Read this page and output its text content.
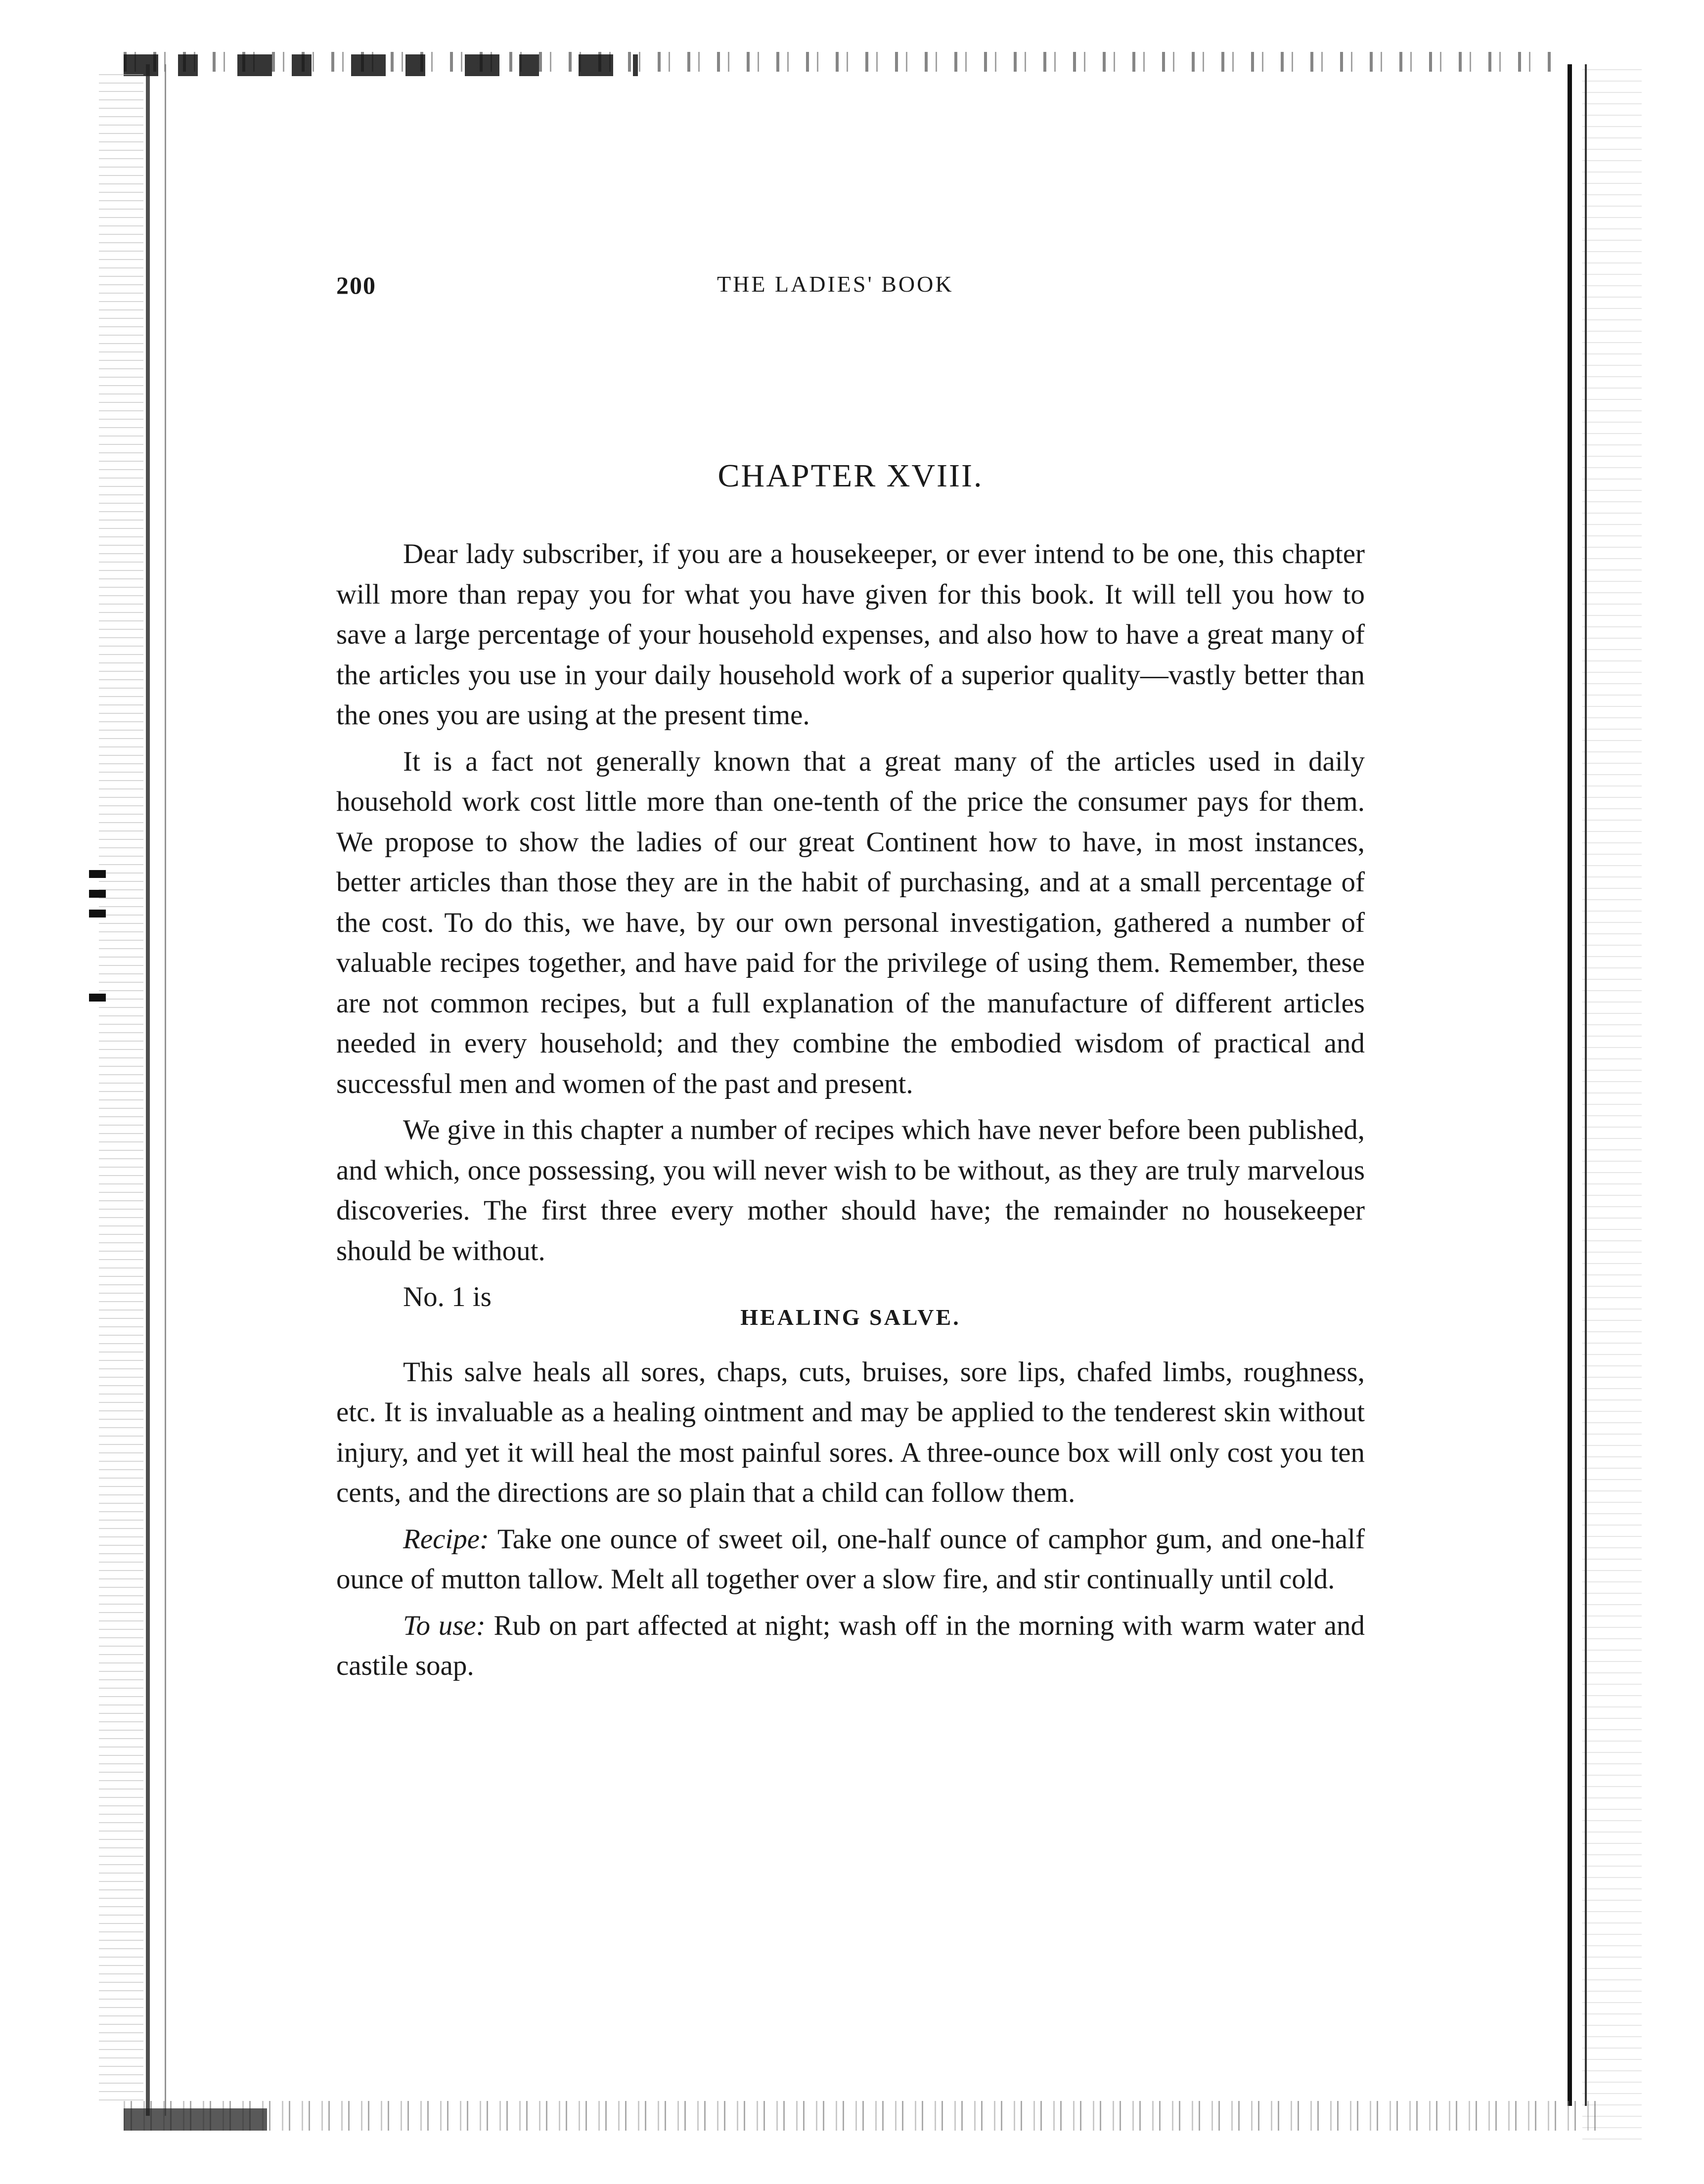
200	THE LADIES' BOOK
CHAPTER XVIII.

Dear lady subscriber, if you are a housekeeper, or ever intend to be one, this chapter will more than repay you for what you have given for this book. It will tell you how to save a large percentage of your household expenses, and also how to have a great many of the articles you use in your daily household work of a superior quality—vastly better than the ones you are using at the present time.

It is a fact not generally known that a great many of the articles used in daily household work cost little more than one-tenth of the price the consumer pays for them. We propose to show the ladies of our great Continent how to have, in most instances, better articles than those they are in the habit of purchasing, and at a small percentage of the cost. To do this, we have, by our own personal investigation, gathered a number of valuable recipes together, and have paid for the privilege of using them. Remember, these are not common recipes, but a full explanation of the manufacture of different articles needed in every household; and they combine the embodied wisdom of practical and successful men and women of the past and present.

We give in this chapter a number of recipes which have never before been published, and which, once possessing, you will never wish to be without, as they are truly marvelous discoveries. The first three every mother should have; the remainder no housekeeper should be without.

No. 1 is

HEALING SALVE.

This salve heals all sores, chaps, cuts, bruises, sore lips, chafed limbs, roughness, etc. It is invaluable as a healing ointment and may be applied to the tenderest skin without injury, and yet it will heal the most painful sores. A three-ounce box will only cost you ten cents, and the directions are so plain that a child can follow them.

Recipe: Take one ounce of sweet oil, one-half ounce of camphor gum, and one-half ounce of mutton tallow. Melt all together over a slow fire, and stir continually until cold.

To use: Rub on part affected at night; wash off in the morning with warm water and castile soap.
